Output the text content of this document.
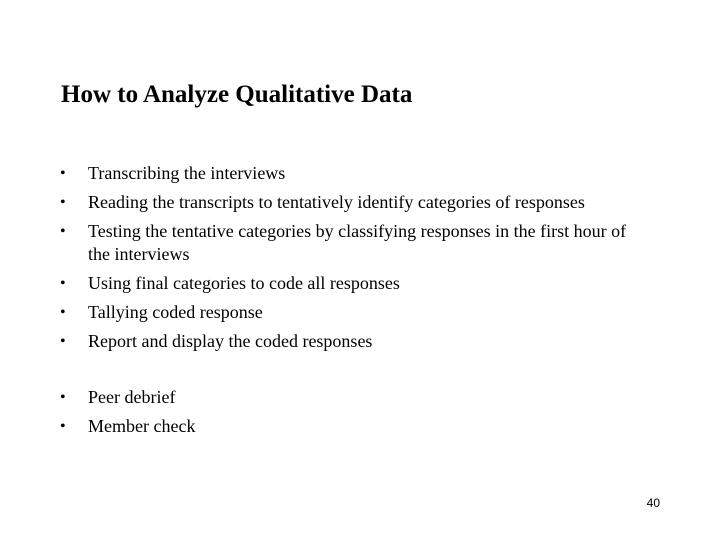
How to Analyze Qualitative Data
•	Transcribing the interviews
•	Reading the transcripts to tentatively identify categories of responses
•	Testing the tentative categories by classifying responses in the first hour of the interviews
•	Using final categories to code all responses
•	Tallying coded response
•	Report and display the coded responses
•	Peer debrief
•	Member check
40
